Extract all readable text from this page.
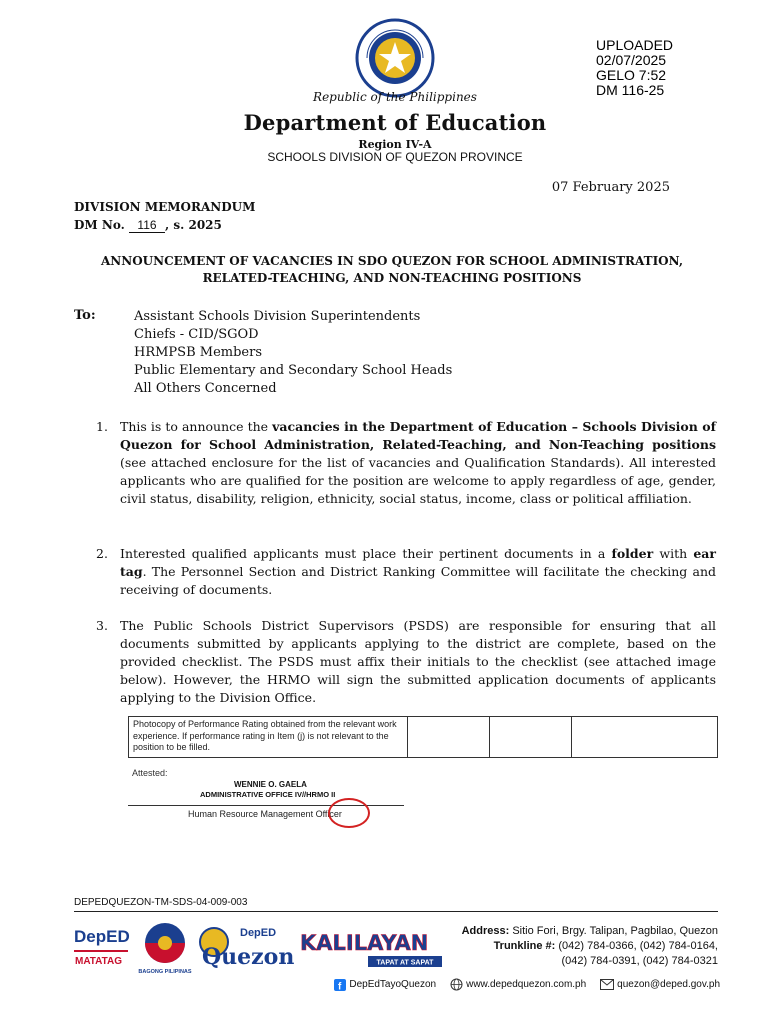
UPLOADED
02/07/2025
GELO 7:52
DM 116-25
Republic of the Philippines
Department of Education
Region IV-A
SCHOOLS DIVISION OF QUEZON PROVINCE
07 February 2025
DIVISION MEMORANDUM
DM No. 116 , s. 2025
ANNOUNCEMENT OF VACANCIES IN SDO QUEZON FOR SCHOOL ADMINISTRATION,
RELATED-TEACHING, AND NON-TEACHING POSITIONS
To:	Assistant Schools Division Superintendents
Chiefs - CID/SGOD
HRMPSB Members
Public Elementary and Secondary School Heads
All Others Concerned
1. This is to announce the vacancies in the Department of Education – Schools Division of Quezon for School Administration, Related-Teaching, and Non-Teaching positions (see attached enclosure for the list of vacancies and Qualification Standards). All interested applicants who are qualified for the position are welcome to apply regardless of age, gender, civil status, disability, religion, ethnicity, social status, income, class or political affiliation.

2. Interested qualified applicants must place their pertinent documents in a folder with ear tag. The Personnel Section and District Ranking Committee will facilitate the checking and receiving of documents.

3. The Public Schools District Supervisors (PSDS) are responsible for ensuring that all documents submitted by applicants applying to the district are complete, based on the provided checklist. The PSDS must affix their initials to the checklist (see attached image below). However, the HRMO will sign the submitted application documents of applicants applying to the Division Office.

Photocopy of Performance Rating obtained from the relevant work experience. If performance rating in Item (j) is not relevant to the position to be filled.
Attested:
WENNIE O. GAELA
ADMINISTRATIVE OFFICE IV//HRMO II
Human Resource Management Officer
DEPEDQUEZON-TM-SDS-04-009-003
DepED
MATATAG
BAGONG PILIPINAS
DepED
Quezon
KALILAYAN
TAPAT AT SAPAT
Address: Sitio Fori, Brgy. Talipan, Pagbilao, Quezon
Trunkline #: (042) 784-0366, (042) 784-0164,
(042) 784-0391, (042) 784-0321
f DepEdTayoQuezon	www.depedquezon.com.ph	quezon@deped.gov.ph
